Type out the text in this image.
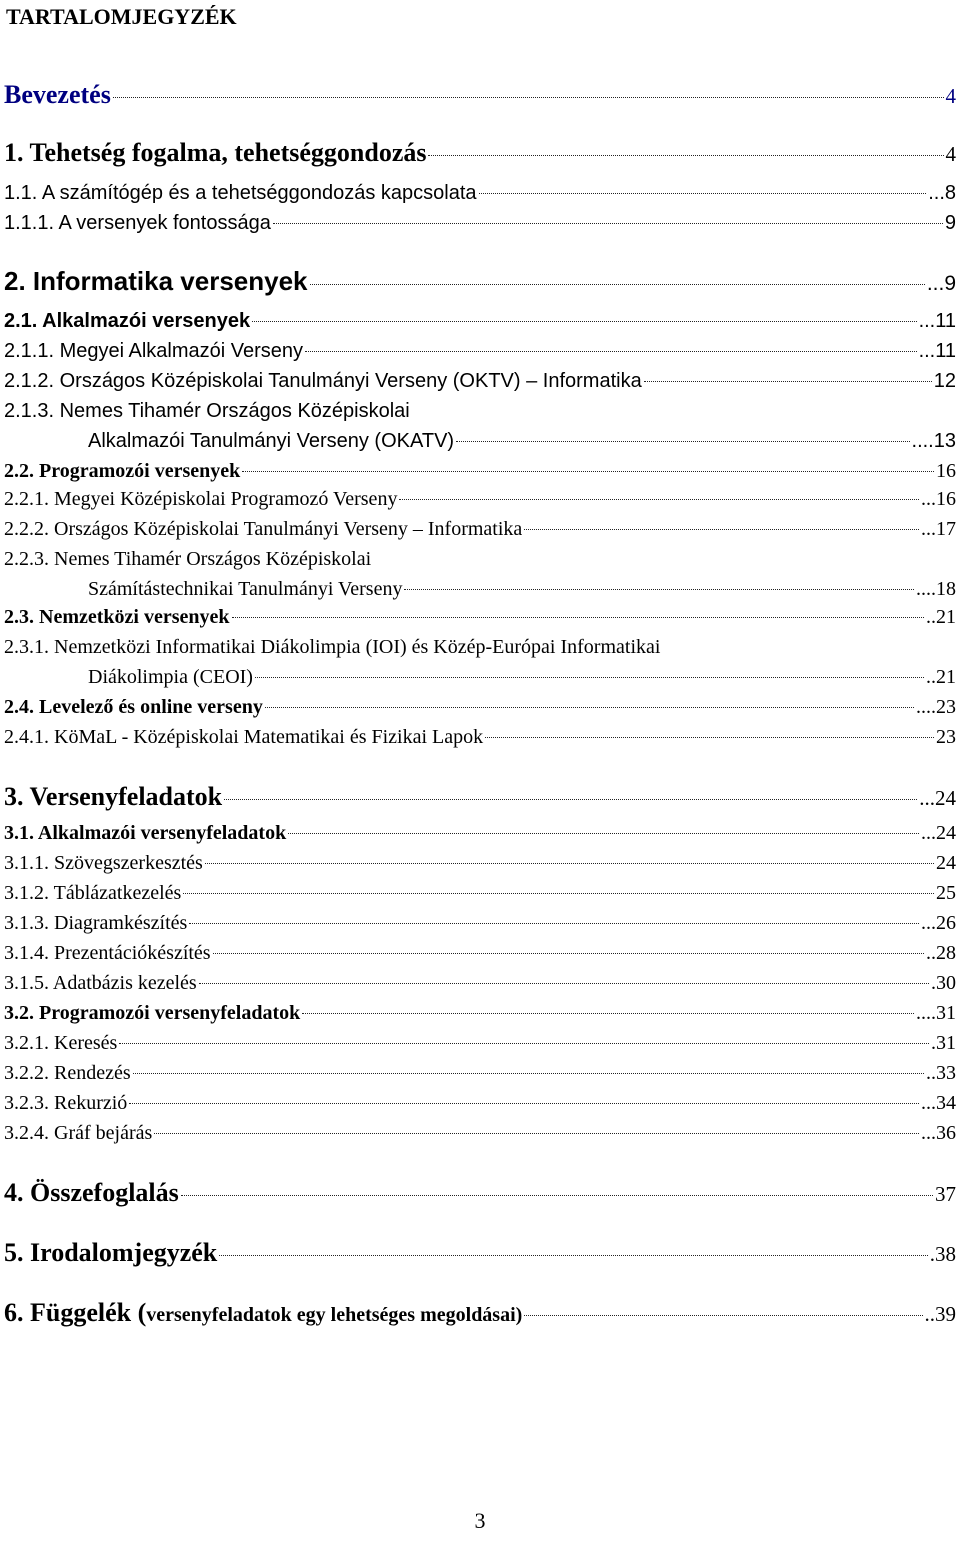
TARTALOMJEGYZÉK
Bevezetés	4
1. Tehetség fogalma, tehetséggondozás	4
1.1. A számítógép és a tehetséggondozás kapcsolata	...8
1.1.1. A versenyek fontossága	9
2. Informatika versenyek	...9
2.1. Alkalmazói versenyek	...11
2.1.1. Megyei Alkalmazói Verseny	...11
2.1.2. Országos Középiskolai Tanulmányi Verseny (OKTV) – Informatika	12
2.1.3. Nemes Tihamér Országos Középiskolai
Alkalmazói Tanulmányi Verseny (OKATV)	....13
2.2. Programozói versenyek	16
2.2.1. Megyei Középiskolai Programozó Verseny	...16
2.2.2. Országos Középiskolai Tanulmányi Verseny – Informatika	...17
2.2.3. Nemes Tihamér Országos Középiskolai
Számítástechnikai Tanulmányi Verseny	....18
2.3. Nemzetközi versenyek	..21
2.3.1. Nemzetközi Informatikai Diákolimpia (IOI) és Közép-Európai Informatikai
Diákolimpia (CEOI)	..21
2.4. Levelező és online verseny	....23
2.4.1. KöMaL - Középiskolai Matematikai és Fizikai Lapok	23
3. Versenyfeladatok	...24
3.1. Alkalmazói versenyfeladatok	...24
3.1.1. Szövegszerkesztés	24
3.1.2. Táblázatkezelés	25
3.1.3. Diagramkészítés	...26
3.1.4. Prezentációkészítés	..28
3.1.5. Adatbázis kezelés	.30
3.2. Programozói versenyfeladatok	....31
3.2.1. Keresés	.31
3.2.2. Rendezés	..33
3.2.3. Rekurzió	...34
3.2.4. Gráf bejárás	...36
4. Összefoglalás	37
5. Irodalomjegyzék	.38
6. Függelék (versenyfeladatok egy lehetséges megoldásai)	..39
3
